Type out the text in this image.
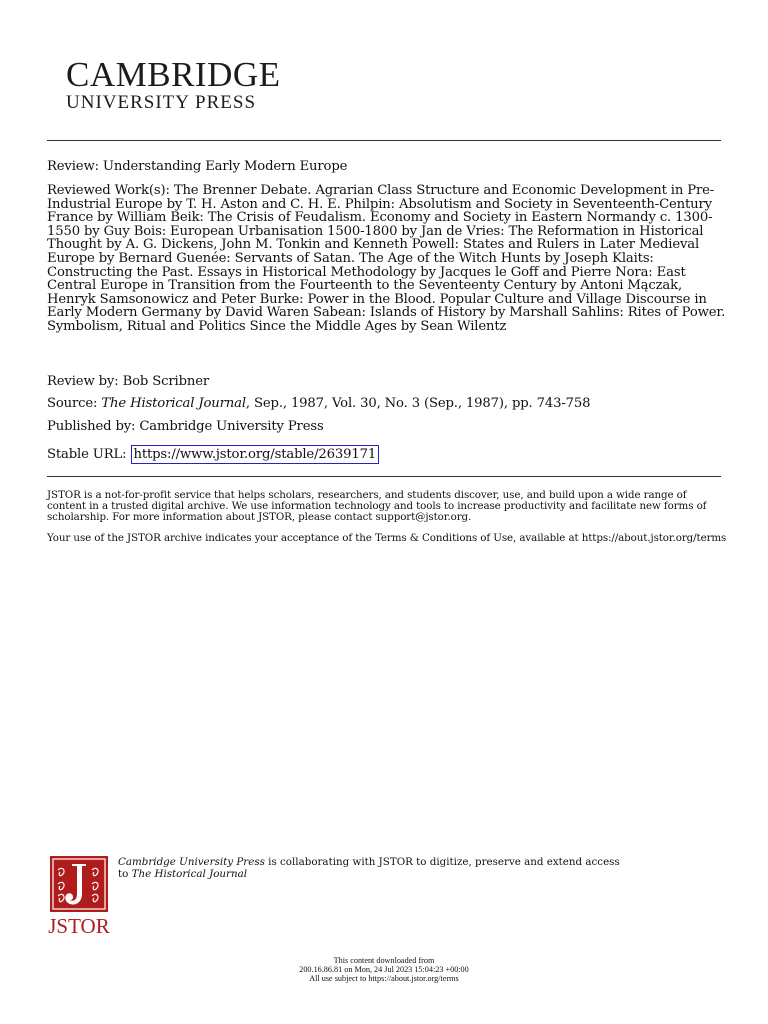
CAMBRIDGE
UNIVERSITY PRESS

Review: Understanding Early Modern Europe

Reviewed Work(s): The Brenner Debate. Agrarian Class Structure and Economic Development in Pre-Industrial Europe by T. H. Aston and C. H. E. Philpin: Absolutism and Society in Seventeenth-Century France by William Beik: The Crisis of Feudalism. Economy and Society in Eastern Normandy c. 1300-1550 by Guy Bois: European Urbanisation 1500-1800 by Jan de Vries: The Reformation in Historical Thought by A. G. Dickens, John M. Tonkin and Kenneth Powell: States and Rulers in Later Medieval Europe by Bernard Guenée: Servants of Satan. The Age of the Witch Hunts by Joseph Klaits: Constructing the Past. Essays in Historical Methodology by Jacques le Goff and Pierre Nora: East Central Europe in Transition from the Fourteenth to the Seventeenty Century by Antoni Mączak, Henryk Samsonowicz and Peter Burke: Power in the Blood. Popular Culture and Village Discourse in Early Modern Germany by David Waren Sabean: Islands of History by Marshall Sahlins: Rites of Power. Symbolism, Ritual and Politics Since the Middle Ages by Sean Wilentz

Review by: Bob Scribner

Source: The Historical Journal, Sep., 1987, Vol. 30, No. 3 (Sep., 1987), pp. 743-758

Published by: Cambridge University Press

Stable URL: https://www.jstor.org/stable/2639171

JSTOR is a not-for-profit service that helps scholars, researchers, and students discover, use, and build upon a wide range of content in a trusted digital archive. We use information technology and tools to increase productivity and facilitate new forms of scholarship. For more information about JSTOR, please contact support@jstor.org.

Your use of the JSTOR archive indicates your acceptance of the Terms & Conditions of Use, available at https://about.jstor.org/terms

JSTOR

Cambridge University Press is collaborating with JSTOR to digitize, preserve and extend access

to The Historical Journal

This content downloaded from

200.16.86.81 on Mon, 24 Jul 2023 15:04:23 +00:00

All use subject to https://about.jstor.org/terms
